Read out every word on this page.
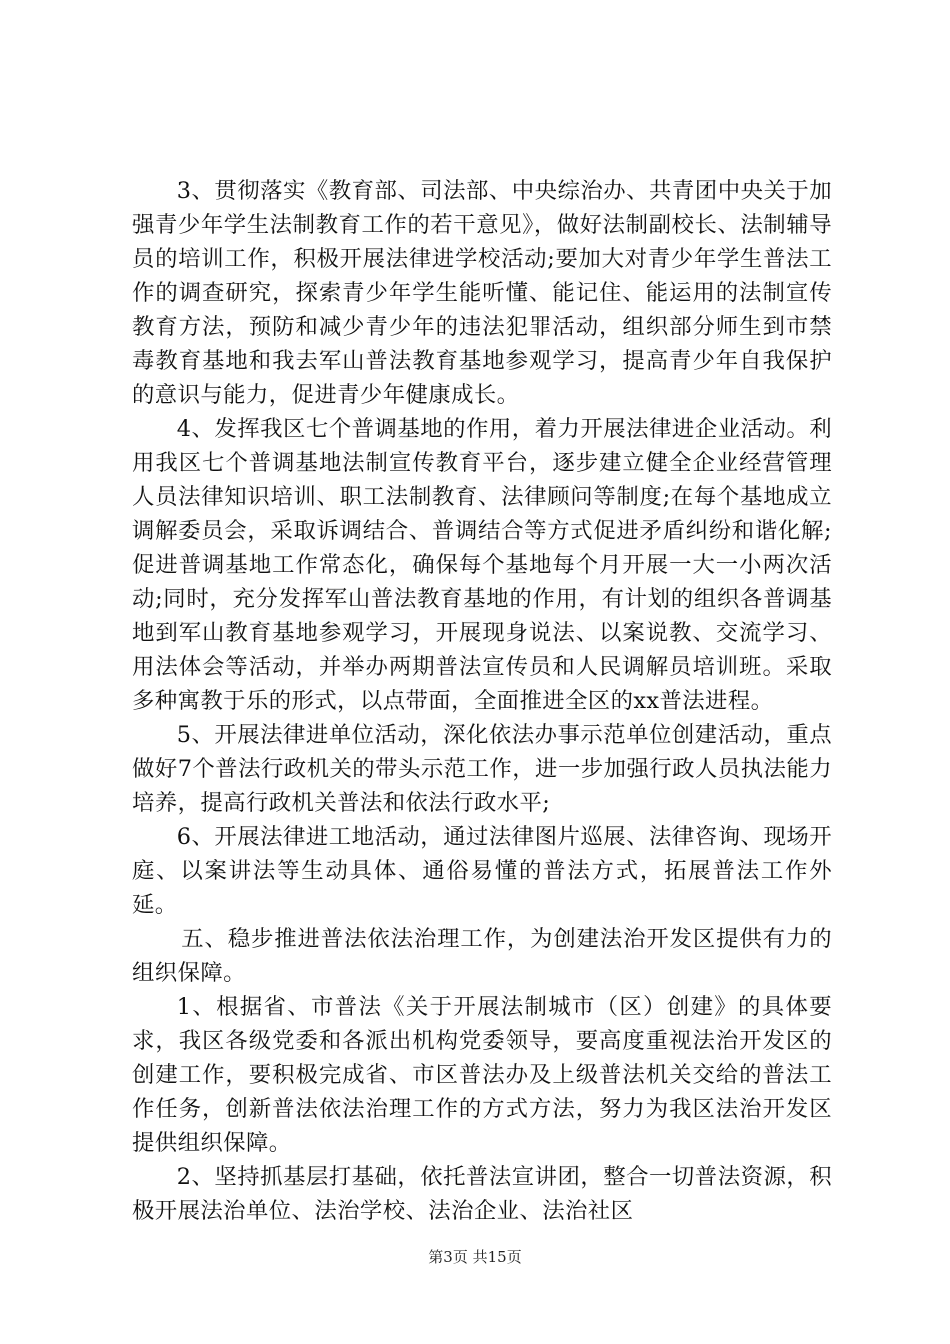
3、贯彻落实《教育部、司法部、中央综治办、共青团中央关于加强青少年学生法制教育工作的若干意见》，做好法制副校长、法制辅导员的培训工作，积极开展法律进学校活动;要加大对青少年学生普法工作的调查研究，探索青少年学生能听懂、能记住、能运用的法制宣传教育方法，预防和减少青少年的违法犯罪活动，组织部分师生到市禁毒教育基地和我去军山普法教育基地参观学习，提高青少年自我保护的意识与能力，促进青少年健康成长。

4、发挥我区七个普调基地的作用，着力开展法律进企业活动。利用我区七个普调基地法制宣传教育平台，逐步建立健全企业经营管理人员法律知识培训、职工法制教育、法律顾问等制度;在每个基地成立调解委员会，采取诉调结合、普调结合等方式促进矛盾纠纷和谐化解;促进普调基地工作常态化，确保每个基地每个月开展一大一小两次活动;同时，充分发挥军山普法教育基地的作用，有计划的组织各普调基地到军山教育基地参观学习，开展现身说法、以案说教、交流学习、用法体会等活动，并举办两期普法宣传员和人民调解员培训班。采取多种寓教于乐的形式，以点带面，全面推进全区的xx普法进程。

5、开展法律进单位活动，深化依法办事示范单位创建活动，重点做好7个普法行政机关的带头示范工作，进一步加强行政人员执法能力培养，提高行政机关普法和依法行政水平;

6、开展法律进工地活动，通过法律图片巡展、法律咨询、现场开庭、以案讲法等生动具体、通俗易懂的普法方式，拓展普法工作外延。

五、稳步推进普法依法治理工作，为创建法治开发区提供有力的组织保障。

1、根据省、市普法《关于开展法制城市（区）创建》的具体要求，我区各级党委和各派出机构党委领导，要高度重视法治开发区的创建工作，要积极完成省、市区普法办及上级普法机关交给的普法工作任务，创新普法依法治理工作的方式方法，努力为我区法治开发区提供组织保障。

2、坚持抓基层打基础，依托普法宣讲团，整合一切普法资源，积极开展法治单位、法治学校、法治企业、法治社区

第3页 共15页
